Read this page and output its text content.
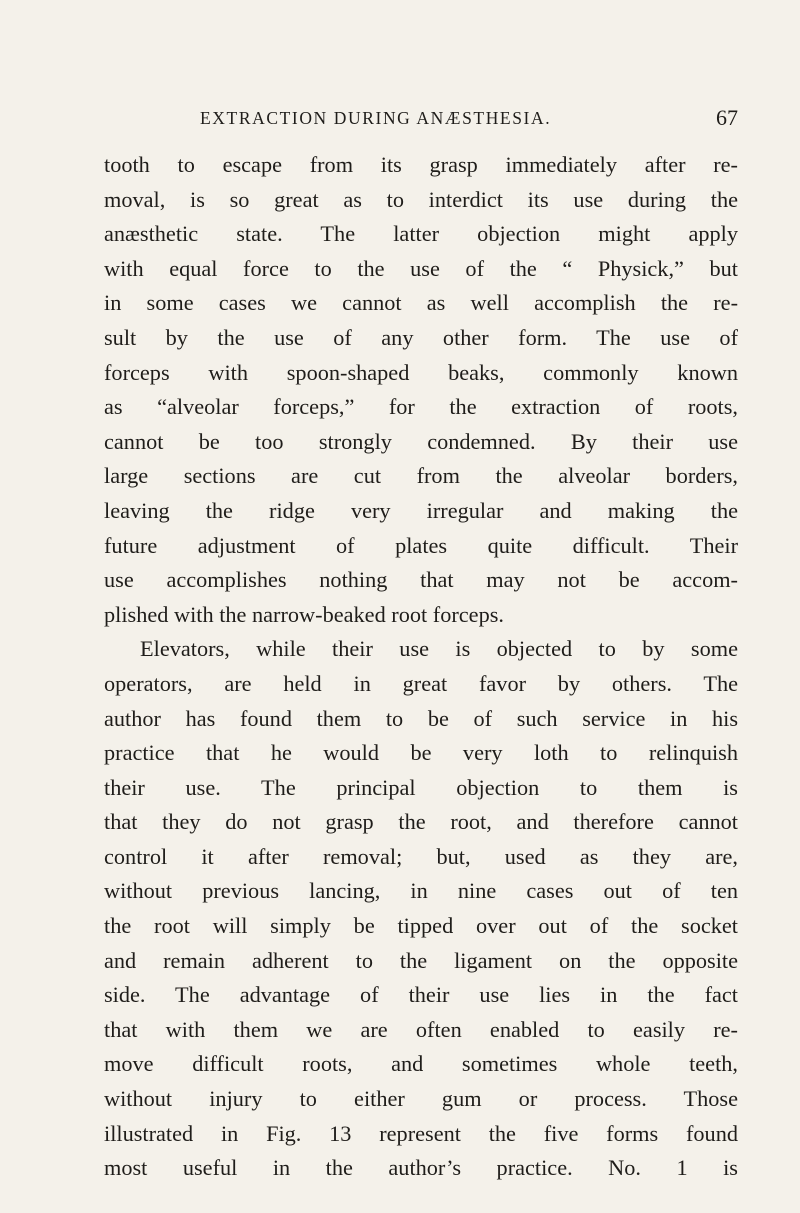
EXTRACTION DURING ANÆSTHESIA.	67
tooth to escape from its grasp immediately after re-
moval, is so great as to interdict its use during the
anæsthetic state. The latter objection might apply
with equal force to the use of the “ Physick,” but
in some cases we cannot as well accomplish the re-
sult by the use of any other form. The use of
forceps with spoon-shaped beaks, commonly known
as “alveolar forceps,” for the extraction of roots,
cannot be too strongly condemned. By their use
large sections are cut from the alveolar borders,
leaving the ridge very irregular and making the
future adjustment of plates quite difficult. Their
use accomplishes nothing that may not be accom-
plished with the narrow-beaked root forceps.
Elevators, while their use is objected to by some
operators, are held in great favor by others. The
author has found them to be of such service in his
practice that he would be very loth to relinquish
their use. The principal objection to them is
that they do not grasp the root, and therefore cannot
control it after removal; but, used as they are,
without previous lancing, in nine cases out of ten
the root will simply be tipped over out of the socket
and remain adherent to the ligament on the opposite
side. The advantage of their use lies in the fact
that with them we are often enabled to easily re-
move difficult roots, and sometimes whole teeth,
without injury to either gum or process. Those
illustrated in Fig. 13 represent the five forms found
most useful in the author’s practice. No. 1 is
